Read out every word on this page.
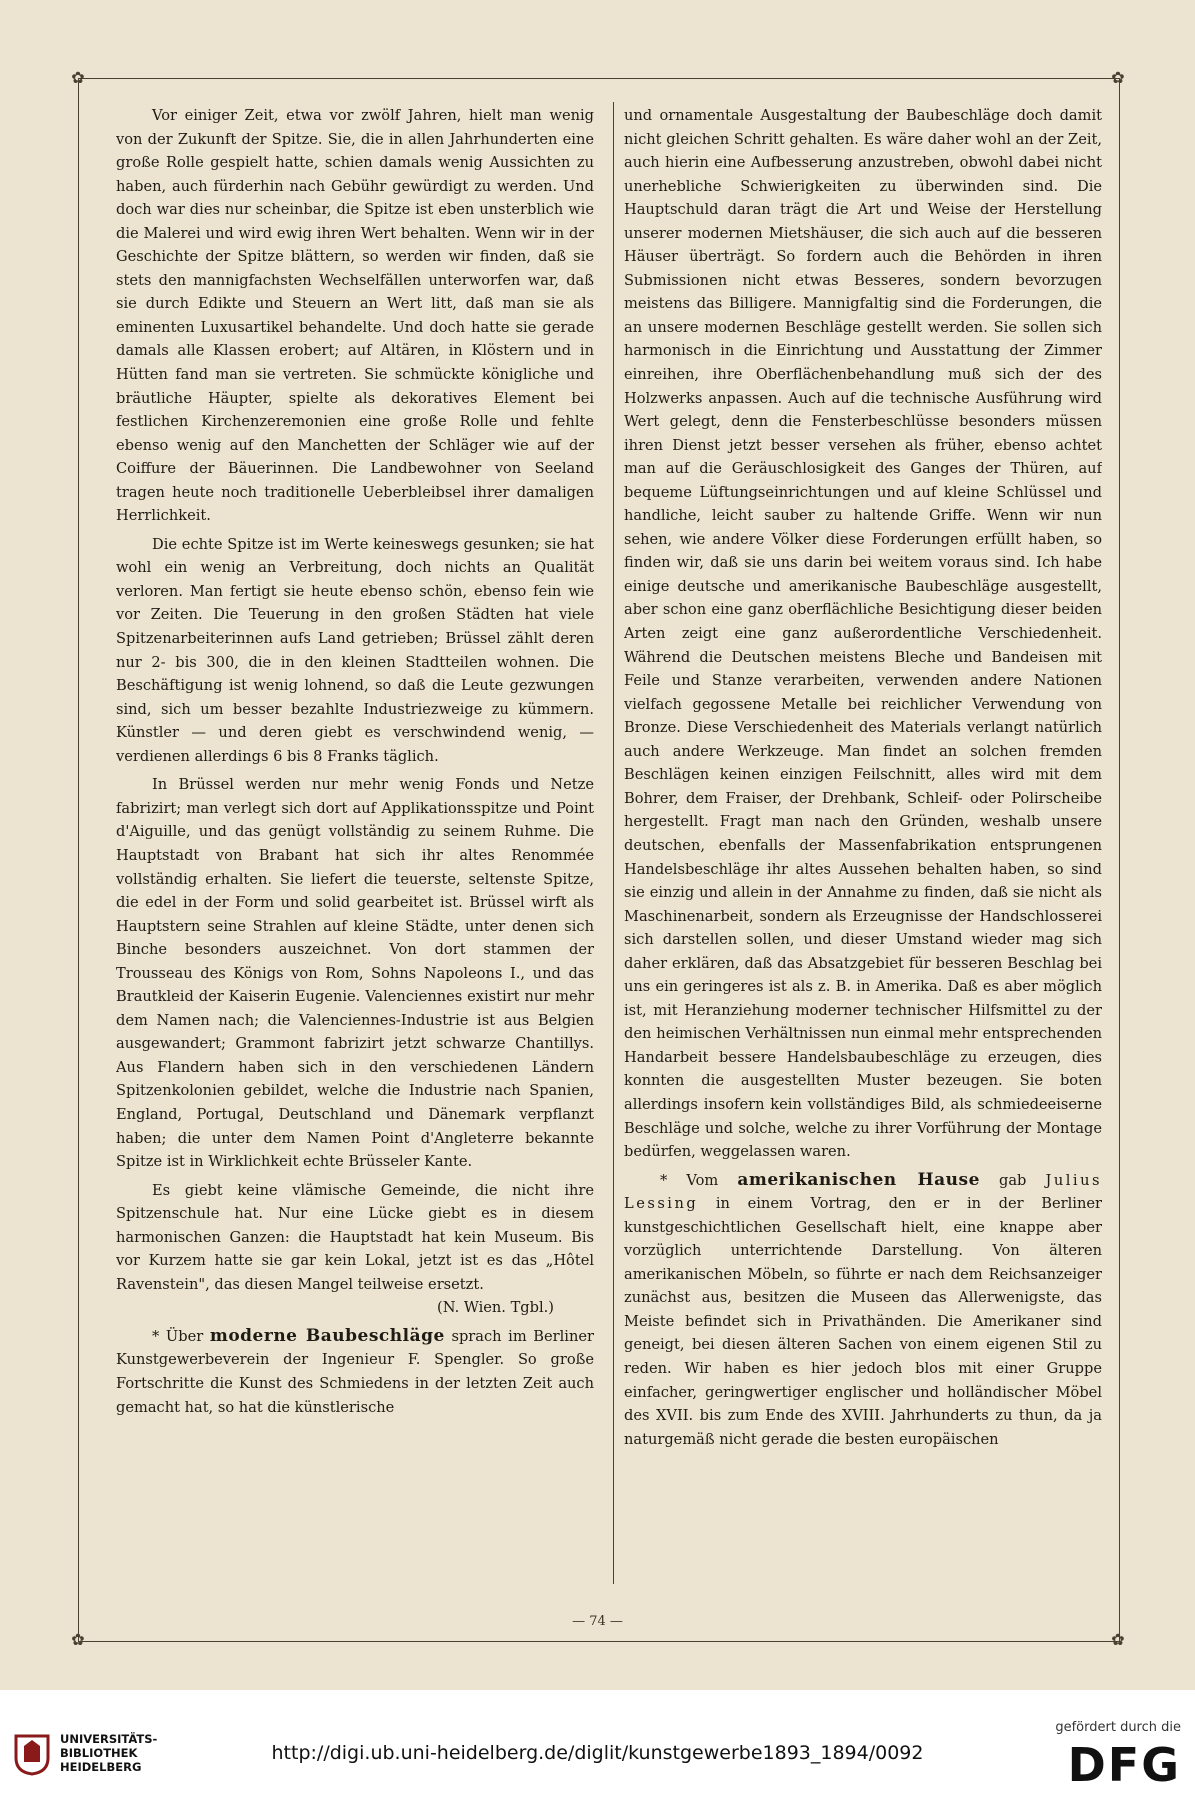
✿	✿
✿	✿

Vor einiger Zeit, etwa vor zwölf Jahren, hielt man wenig von der Zukunft der Spitze. Sie, die in allen Jahrhunderten eine große Rolle gespielt hatte, schien damals wenig Aussichten zu haben, auch fürderhin nach Gebühr gewürdigt zu werden. Und doch war dies nur scheinbar, die Spitze ist eben unsterblich wie die Malerei und wird ewig ihren Wert behalten. Wenn wir in der Geschichte der Spitze blättern, so werden wir finden, daß sie stets den mannigfachsten Wechselfällen unterworfen war, daß sie durch Edikte und Steuern an Wert litt, daß man sie als eminenten Luxusartikel behandelte. Und doch hatte sie gerade damals alle Klassen erobert; auf Altären, in Klöstern und in Hütten fand man sie vertreten. Sie schmückte königliche und bräutliche Häupter, spielte als dekoratives Element bei festlichen Kirchenzeremonien eine große Rolle und fehlte ebenso wenig auf den Manchetten der Schläger wie auf der Coiffure der Bäuerinnen. Die Landbewohner von Seeland tragen heute noch traditionelle Ueberbleibsel ihrer damaligen Herrlichkeit.

Die echte Spitze ist im Werte keineswegs gesunken; sie hat wohl ein wenig an Verbreitung, doch nichts an Qualität verloren. Man fertigt sie heute ebenso schön, ebenso fein wie vor Zeiten. Die Teuerung in den großen Städten hat viele Spitzenarbeiterinnen aufs Land getrieben; Brüssel zählt deren nur 2- bis 300, die in den kleinen Stadtteilen wohnen. Die Beschäftigung ist wenig lohnend, so daß die Leute gezwungen sind, sich um besser bezahlte Industriezweige zu kümmern. Künstler — und deren giebt es verschwindend wenig, — verdienen allerdings 6 bis 8 Franks täglich.

In Brüssel werden nur mehr wenig Fonds und Netze fabrizirt; man verlegt sich dort auf Applikationsspitze und Point d'Aiguille, und das genügt vollständig zu seinem Ruhme. Die Hauptstadt von Brabant hat sich ihr altes Renommée vollständig erhalten. Sie liefert die teuerste, seltenste Spitze, die edel in der Form und solid gearbeitet ist. Brüssel wirft als Hauptstern seine Strahlen auf kleine Städte, unter denen sich Binche besonders auszeichnet. Von dort stammen der Trousseau des Königs von Rom, Sohns Napoleons I., und das Brautkleid der Kaiserin Eugenie. Valenciennes existirt nur mehr dem Namen nach; die Valenciennes-Industrie ist aus Belgien ausgewandert; Grammont fabrizirt jetzt schwarze Chantillys. Aus Flandern haben sich in den verschiedenen Ländern Spitzenkolonien gebildet, welche die Industrie nach Spanien, England, Portugal, Deutschland und Dänemark verpflanzt haben; die unter dem Namen Point d'Angleterre bekannte Spitze ist in Wirklichkeit echte Brüsseler Kante.

Es giebt keine vlämische Gemeinde, die nicht ihre Spitzenschule hat. Nur eine Lücke giebt es in diesem harmonischen Ganzen: die Hauptstadt hat kein Museum. Bis vor Kurzem hatte sie gar kein Lokal, jetzt ist es das „Hôtel Ravenstein", das diesen Mangel teilweise ersetzt.

(N. Wien. Tgbl.)

* Über moderne Baubeschläge sprach im Berliner Kunstgewerbeverein der Ingenieur F. Spengler. So große Fortschritte die Kunst des Schmiedens in der letzten Zeit auch gemacht hat, so hat die künstlerische

und ornamentale Ausgestaltung der Baubeschläge doch damit nicht gleichen Schritt gehalten. Es wäre daher wohl an der Zeit, auch hierin eine Aufbesserung anzustreben, obwohl dabei nicht unerhebliche Schwierigkeiten zu überwinden sind. Die Hauptschuld daran trägt die Art und Weise der Herstellung unserer modernen Mietshäuser, die sich auch auf die besseren Häuser überträgt. So fordern auch die Behörden in ihren Submissionen nicht etwas Besseres, sondern bevorzugen meistens das Billigere. Mannigfaltig sind die Forderungen, die an unsere modernen Beschläge gestellt werden. Sie sollen sich harmonisch in die Einrichtung und Ausstattung der Zimmer einreihen, ihre Oberflächenbehandlung muß sich der des Holzwerks anpassen. Auch auf die technische Ausführung wird Wert gelegt, denn die Fensterbeschlüsse besonders müssen ihren Dienst jetzt besser versehen als früher, ebenso achtet man auf die Geräuschlosigkeit des Ganges der Thüren, auf bequeme Lüftungseinrichtungen und auf kleine Schlüssel und handliche, leicht sauber zu haltende Griffe. Wenn wir nun sehen, wie andere Völker diese Forderungen erfüllt haben, so finden wir, daß sie uns darin bei weitem voraus sind. Ich habe einige deutsche und amerikanische Baubeschläge ausgestellt, aber schon eine ganz oberflächliche Besichtigung dieser beiden Arten zeigt eine ganz außerordentliche Verschiedenheit. Während die Deutschen meistens Bleche und Bandeisen mit Feile und Stanze verarbeiten, verwenden andere Nationen vielfach gegossene Metalle bei reichlicher Verwendung von Bronze. Diese Verschiedenheit des Materials verlangt natürlich auch andere Werkzeuge. Man findet an solchen fremden Beschlägen keinen einzigen Feilschnitt, alles wird mit dem Bohrer, dem Fraiser, der Drehbank, Schleif- oder Polirscheibe hergestellt. Fragt man nach den Gründen, weshalb unsere deutschen, ebenfalls der Massenfabrikation entsprungenen Handelsbeschläge ihr altes Aussehen behalten haben, so sind sie einzig und allein in der Annahme zu finden, daß sie nicht als Maschinenarbeit, sondern als Erzeugnisse der Handschlosserei sich darstellen sollen, und dieser Umstand wieder mag sich daher erklären, daß das Absatzgebiet für besseren Beschlag bei uns ein geringeres ist als z. B. in Amerika. Daß es aber möglich ist, mit Heranziehung moderner technischer Hilfsmittel zu der den heimischen Verhältnissen nun einmal mehr entsprechenden Handarbeit bessere Handelsbaubeschläge zu erzeugen, dies konnten die ausgestellten Muster bezeugen. Sie boten allerdings insofern kein vollständiges Bild, als schmiedeeiserne Beschläge und solche, welche zu ihrer Vorführung der Montage bedürfen, weggelassen waren.

* Vom amerikanischen Hause gab Julius Lessing in einem Vortrag, den er in der Berliner kunstgeschichtlichen Gesellschaft hielt, eine knappe aber vorzüglich unterrichtende Darstellung. Von älteren amerikanischen Möbeln, so führte er nach dem Reichsanzeiger zunächst aus, besitzen die Museen das Allerwenigste, das Meiste befindet sich in Privathänden. Die Amerikaner sind geneigt, bei diesen älteren Sachen von einem eigenen Stil zu reden. Wir haben es hier jedoch blos mit einer Gruppe einfacher, geringwertiger englischer und holländischer Möbel des XVII. bis zum Ende des XVIII. Jahrhunderts zu thun, da ja naturgemäß nicht gerade die besten europäischen

— 74 —
UNIVERSITÄTS-
BIBLIOTHEK
HEIDELBERG
http://digi.ub.uni-heidelberg.de/diglit/kunstgewerbe1893_1894/0092
gefördert durch die
DFG
